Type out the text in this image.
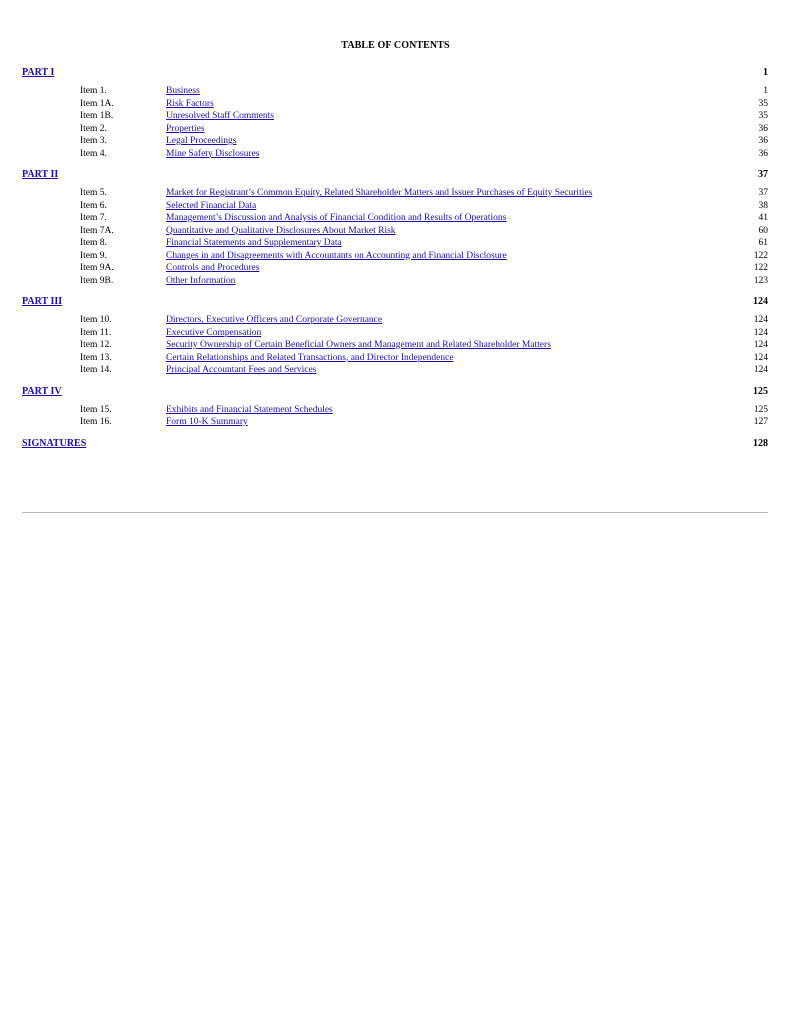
TABLE OF CONTENTS
PART I	1
Item 1.	Business	1
Item 1A.	Risk Factors	35
Item 1B.	Unresolved Staff Comments	35
Item 2.	Properties	36
Item 3.	Legal Proceedings	36
Item 4.	Mine Safety Disclosures	36
PART II	37
Item 5.	Market for Registrant’s Common Equity, Related Shareholder Matters and Issuer Purchases of Equity Securities	37
Item 6.	Selected Financial Data	38
Item 7.	Management’s Discussion and Analysis of Financial Condition and Results of Operations	41
Item 7A.	Quantitative and Qualitative Disclosures About Market Risk	60
Item 8.	Financial Statements and Supplementary Data	61
Item 9.	Changes in and Disagreements with Accountants on Accounting and Financial Disclosure	122
Item 9A.	Controls and Procedures	122
Item 9B.	Other Information	123
PART III	124
Item 10.	Directors, Executive Officers and Corporate Governance	124
Item 11.	Executive Compensation	124
Item 12.	Security Ownership of Certain Beneficial Owners and Management and Related Shareholder Matters	124
Item 13.	Certain Relationships and Related Transactions, and Director Independence	124
Item 14.	Principal Accountant Fees and Services	124
PART IV	125
Item 15.	Exhibits and Financial Statement Schedules	125
Item 16.	Form 10-K Summary	127
SIGNATURES	128
